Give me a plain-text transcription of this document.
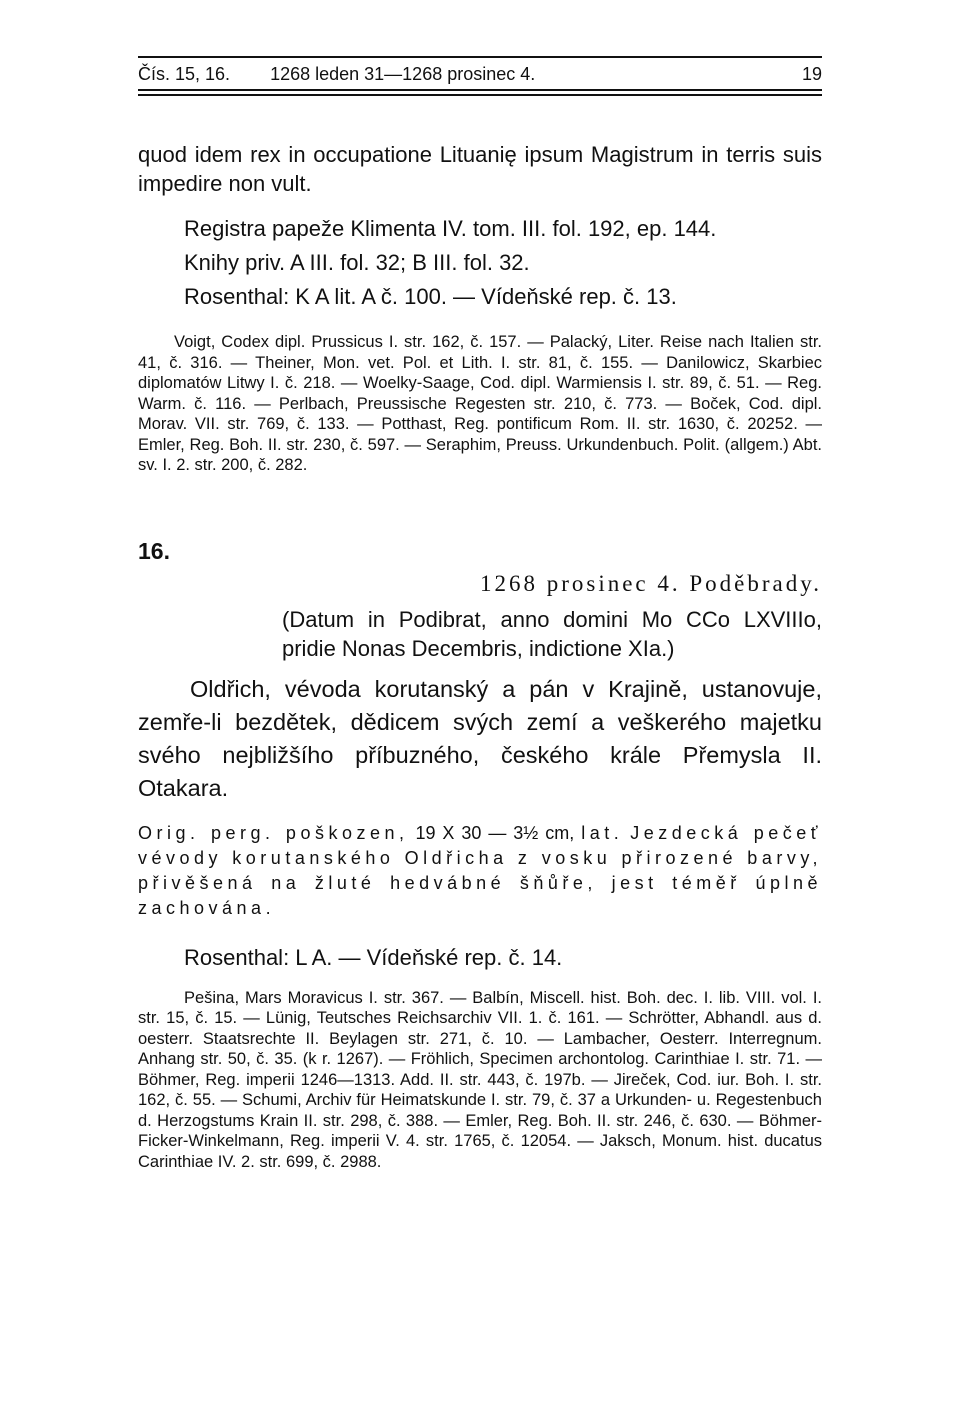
Čís. 15, 16. 1268 leden 31—1268 prosinec 4.	19

quod idem rex in occupatione Lituanię ipsum Magistrum in terris suis impedire non vult.

Registra papeže Klimenta IV. tom. III. fol. 192, ep. 144.

Knihy priv. A III. fol. 32; B III. fol. 32.

Rosenthal: K A lit. A č. 100. — Vídeňské rep. č. 13.

Voigt, Codex dipl. Prussicus I. str. 162, č. 157. — Palacký, Liter. Reise nach Italien str. 41, č. 316. — Theiner, Mon. vet. Pol. et Lith. I. str. 81, č. 155. — Danilowicz, Skarbiec diplomatów Litwy I. č. 218. — Woelky-Saage, Cod. dipl. Warmiensis I. str. 89, č. 51. — Reg. Warm. č. 116. — Perlbach, Preussische Regesten str. 210, č. 773. — Boček, Cod. dipl. Morav. VII. str. 769, č. 133. — Potthast, Reg. pontificum Rom. II. str. 1630, č. 20252. — Emler, Reg. Boh. II. str. 230, č. 597. — Seraphim, Preuss. Urkundenbuch. Polit. (allgem.) Abt. sv. I. 2. str. 200, č. 282.

16.
1268 prosinec 4. Poděbrady.

(Datum in Podibrat, anno domini Mo CCo LXVIIIo, pridie Nonas Decembris, indictione XIa.)

Oldřich, vévoda korutanský a pán v Krajině, ustanovuje, zemře-li bezdětek, dědicem svých zemí a veškerého majetku svého nejbližšího příbuzného, českého krále Přemysla II. Otakara.

Orig. perg. poškozen, 19 X 30 — 3½ cm, lat. Jezdecká pečeť vévody korutanského Oldřicha z vosku přirozené barvy, přivěšená na žluté hedvábné šňůře, jest téměř úplně zachována.

Rosenthal: L A. — Vídeňské rep. č. 14.

Pešina, Mars Moravicus I. str. 367. — Balbín, Miscell. hist. Boh. dec. I. lib. VIII. vol. I. str. 15, č. 15. — Lünig, Teutsches Reichsarchiv VII. 1. č. 161. — Schrötter, Abhandl. aus d. oesterr. Staatsrechte II. Beylagen str. 271, č. 10. — Lambacher, Oesterr. Interregnum. Anhang str. 50, č. 35. (k r. 1267). — Fröhlich, Specimen archontolog. Carinthiae I. str. 71. — Böhmer, Reg. imperii 1246—1313. Add. II. str. 443, č. 197b. — Jireček, Cod. iur. Boh. I. str. 162, č. 55. — Schumi, Archiv für Heimatskunde I. str. 79, č. 37 a Urkunden- u. Regestenbuch d. Herzogstums Krain II. str. 298, č. 388. — Emler, Reg. Boh. II. str. 246, č. 630. — Böhmer-Ficker-Winkelmann, Reg. imperii V. 4. str. 1765, č. 12054. — Jaksch, Monum. hist. ducatus Carinthiae IV. 2. str. 699, č. 2988.
